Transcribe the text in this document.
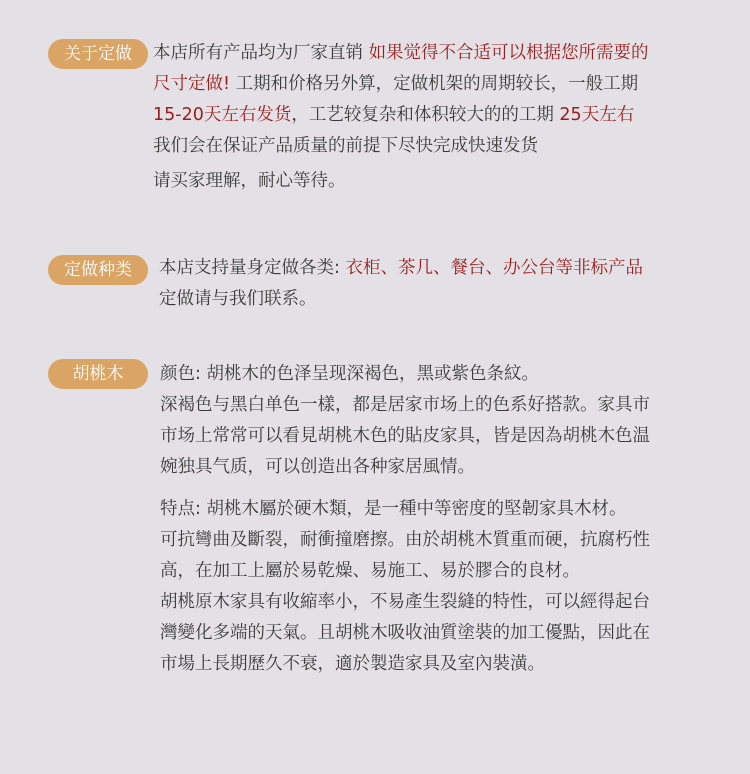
关于定做	本店所有产品均为厂家直销 如果觉得不合适可以根据您所需要的
尺寸定做! 工期和价格另外算，定做机架的周期较长，一般工期
15-20天左右发货，工艺较复杂和体积较大的的工期 25天左右
我们会在保证产品质量的前提下尽快完成快速发货
请买家理解，耐心等待。
定做种类	本店支持量身定做各类: 衣柜、茶几、餐台、办公台等非标产品
定做请与我们联系。
胡桃木	颜色: 胡桃木的色泽呈现深褐色，黑或紫色条紋。
深褐色与黑白单色一樣，都是居家市场上的色系好搭款。家具市
市场上常常可以看見胡桃木色的貼皮家具，皆是因為胡桃木色温
婉独具气质，可以创造出各种家居風情。
特点: 胡桃木屬於硬木類，是一種中等密度的堅韌家具木材。
可抗彎曲及斷裂，耐衝撞磨擦。由於胡桃木質重而硬，抗腐朽性
高，在加工上屬於易乾燥、易施工、易於膠合的良材。
胡桃原木家具有收縮率小，不易產生裂縫的特性，可以經得起台
灣變化多端的天氣。且胡桃木吸收油質塗裝的加工優點，因此在
市場上長期歷久不衰，適於製造家具及室內裝潢。
